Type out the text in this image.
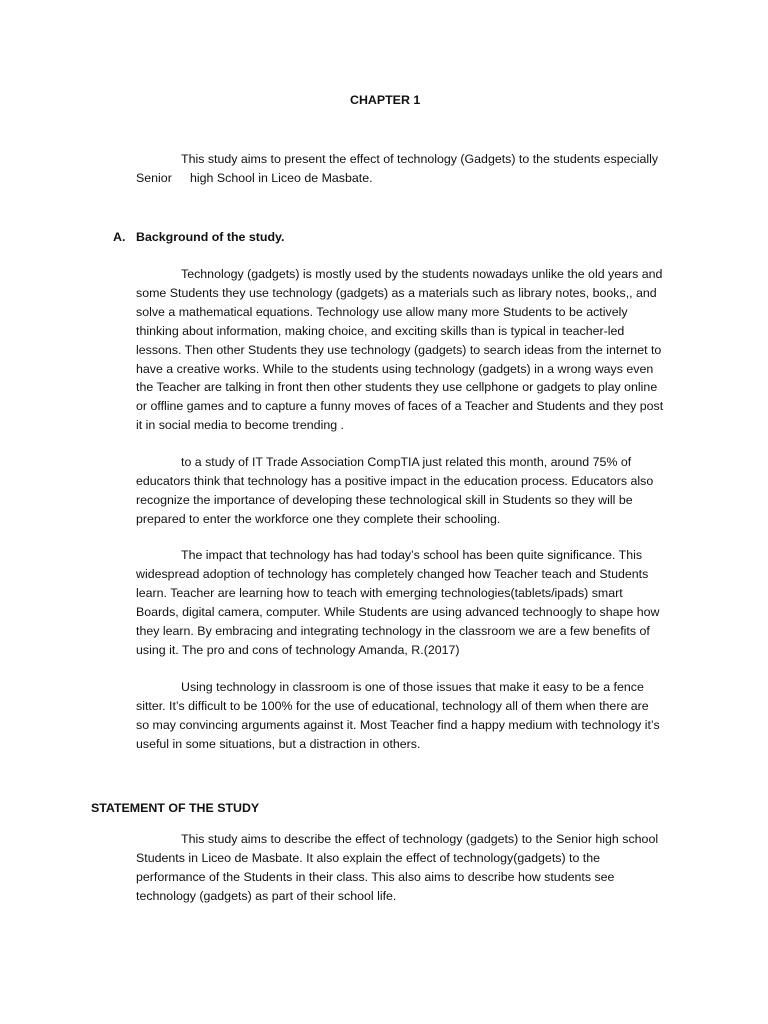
CHAPTER 1
This study aims to present the effect of technology (Gadgets) to the students especially
Senior high School in Liceo de Masbate.
A. Background of the study.
Technology (gadgets) is mostly used by the students nowadays unlike the old years and
some Students they use technology (gadgets) as a materials such as library notes, books,, and
solve a mathematical equations. Technology use allow many more Students to be actively
thinking about information, making choice, and exciting skills than is typical in teacher-led
lessons. Then other Students they use technology (gadgets) to search ideas from the internet to
have a creative works. While to the students using technology (gadgets) in a wrong ways even
the Teacher are talking in front then other students they use cellphone or gadgets to play online
or offline games and to capture a funny moves of faces of a Teacher and Students and they post
it in social media to become trending .
to a study of IT Trade Association CompTIA just related this month, around 75% of
educators think that technology has a positive impact in the education process. Educators also
recognize the importance of developing these technological skill in Students so they will be
prepared to enter the workforce one they complete their schooling.
The impact that technology has had today’s school has been quite significance. This
widespread adoption of technology has completely changed how Teacher teach and Students
learn. Teacher are learning how to teach with emerging technologies(tablets/ipads) smart
Boards, digital camera, computer. While Students are using advanced technoogly to shape how
they learn. By embracing and integrating technology in the classroom we are a few benefits of
using it. The pro and cons of technology Amanda, R.(2017)
Using technology in classroom is one of those issues that make it easy to be a fence
sitter. It’s difficult to be 100% for the use of educational, technology all of them when there are
so may convincing arguments against it. Most Teacher find a happy medium with technology it’s
useful in some situations, but a distraction in others.
STATEMENT OF THE STUDY
This study aims to describe the effect of technology (gadgets) to the Senior high school
Students in Liceo de Masbate. It also explain the effect of technology(gadgets) to the
performance of the Students in their class. This also aims to describe how students see
technology (gadgets) as part of their school life.
